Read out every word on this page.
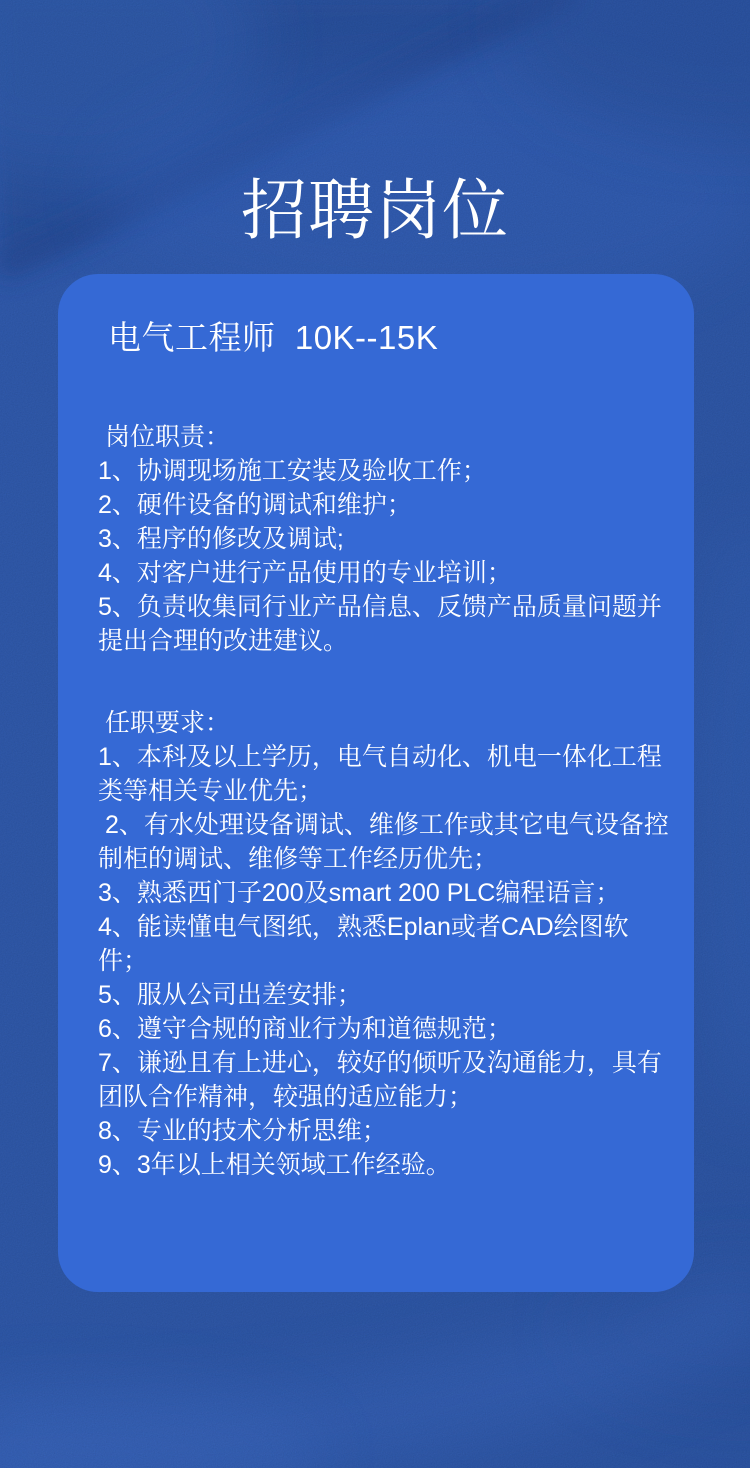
招聘岗位
电气工程师  10K--15K
岗位职责：

1、协调现场施工安装及验收工作；

2、硬件设备的调试和维护；

3、程序的修改及调试;

4、对客户进行产品使用的专业培训；

5、负责收集同行业产品信息、反馈产品质量问题并提出合理的改进建议。

任职要求：

1、本科及以上学历，电气自动化、机电一体化工程类等相关专业优先；

2、有水处理设备调试、维修工作或其它电气设备控制柜的调试、维修等工作经历优先；

3、熟悉西门子200及smart 200 PLC编程语言；

4、能读懂电气图纸，熟悉Eplan或者CAD绘图软件；

5、服从公司出差安排；

6、遵守合规的商业行为和道德规范；

7、谦逊且有上进心，较好的倾听及沟通能力，具有团队合作精神，较强的适应能力；

8、专业的技术分析思维；

9、3年以上相关领域工作经验。
